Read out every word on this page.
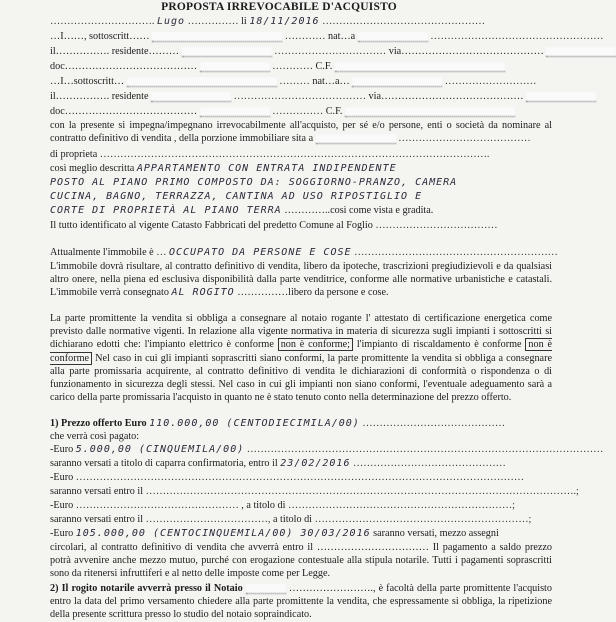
PROPOSTA IRREVOCABILE D'ACQUISTO
…………………………. Lugo …………… li 18/11/2016 …………………………………………
…I……, sottoscritt……	………… nat…a	……………………………………………
il……………. residente………	…………………………… via……………………………………
doc…………………………………	………… C.F.
…I…sottoscritt…	……… nat…a…	………………………
il……………. residente	………………………………… via……………………………………
doc…………………………………	…………… C.F.
con la presente si impegna/impegnano irrevocabilmente all'acquisto, per sé e/o persone, enti o società da nominare al contratto definitivo di vendita , della porzione immobiliare sita a	…………………………………
di proprieta …………………………………………………………………………………………………….
così meglio descritta APPARTAMENTO CON ENTRATA INDIPENDENTE
POSTO AL PIANO PRIMO COMPOSTO DA: SOGGIORNO-PRANZO, CAMERA
CUCINA, BAGNO, TERRAZZA, CANTINA AD USO RIPOSTIGLIO E
CORTE DI PROPRIETÀ AL PIANO TERRA …………..così come vista e gradita.
Il tutto identificato al vigente Catasto Fabbricati del predetto Comune al Foglio ………………………………
Attualmente l'immobile è … OCCUPATO DA PERSONE E COSE ……………………………………………………
L'immobile dovrà risultare, al contratto definitivo di vendita, libero da ipoteche, trascrizioni pregiudizievoli e da qualsiasi altro onere, nella piena ed esclusiva disponibilità dalla parte venditrice, conforme alle normative urbanistiche e catastali. L'immobile verrà consegnato AL ROGITO ……………libero da persone e cose.
La parte promittente la vendita si obbliga a consegnare al notaio rogante l' attestato di certificazione energetica come previsto dalle normative vigenti. In relazione alla vigente normativa in materia di sicurezza sugli impianti i sottoscritti si dichiarano edotti che: l'impianto elettrico è conforme non è conforme; l'impianto di riscaldamento è conforme non è conforme Nel caso in cui gli impianti soprascritti siano conformi, la parte promittente la vendita si obbliga a consegnare alla parte promissaria acquirente, al contratto definitivo di vendita le dichiarazioni di conformità o rispondenza o di funzionamento in sicurezza degli stessi. Nel caso in cui gli impianti non siano conformi, l'eventuale adeguamento sarà a carico della parte promissaria l'acquisto in quanto ne è stato tenuto conto nella determinazione del prezzo offerto.
1) Prezzo offerto Euro 110.000,00 (CENTODIECIMILA/00) ……………………………………
che verrà così pagato:
-Euro 5.000,00 (CINQUEMILA/00) ……………………………………………………………………………………………
saranno versati a titolo di caparra confirmatoria, entro il 23/02/2016 ………………………………………
-Euro ……………………………………………………………………………………………………………………
saranno versati entro il ……………………………………………………………………………………………………………….;
-Euro ………………………………………… , a titolo di …………………………………………………………;
saranno versati entro il ………………………………, a titolo di ………………………………………………………;
-Euro 105.000,00 (CENTOCINQUEMILA/00) 30/03/2016 saranno versati, mezzo assegni
circolari, al contratto definitivo di vendita che avverrà entro il …………………………… Il pagamento a saldo prezzo potrà avvenire anche mezzo mutuo, purché con erogazione contestuale alla stipula notarile. Tutti i pagamenti soprascritti sono da ritenersi infruttiferi e al netto delle imposte come per Legge.
2) Il rogito notarile avverrà presso il Notaio	……………………., è facoltà della parte promittente l'acquisto entro la data del primo versamento chiedere alla parte promittente la vendita, che espressamente si obbliga, la ripetizione della presente scrittura presso lo studio del notaio sopraindicato.
